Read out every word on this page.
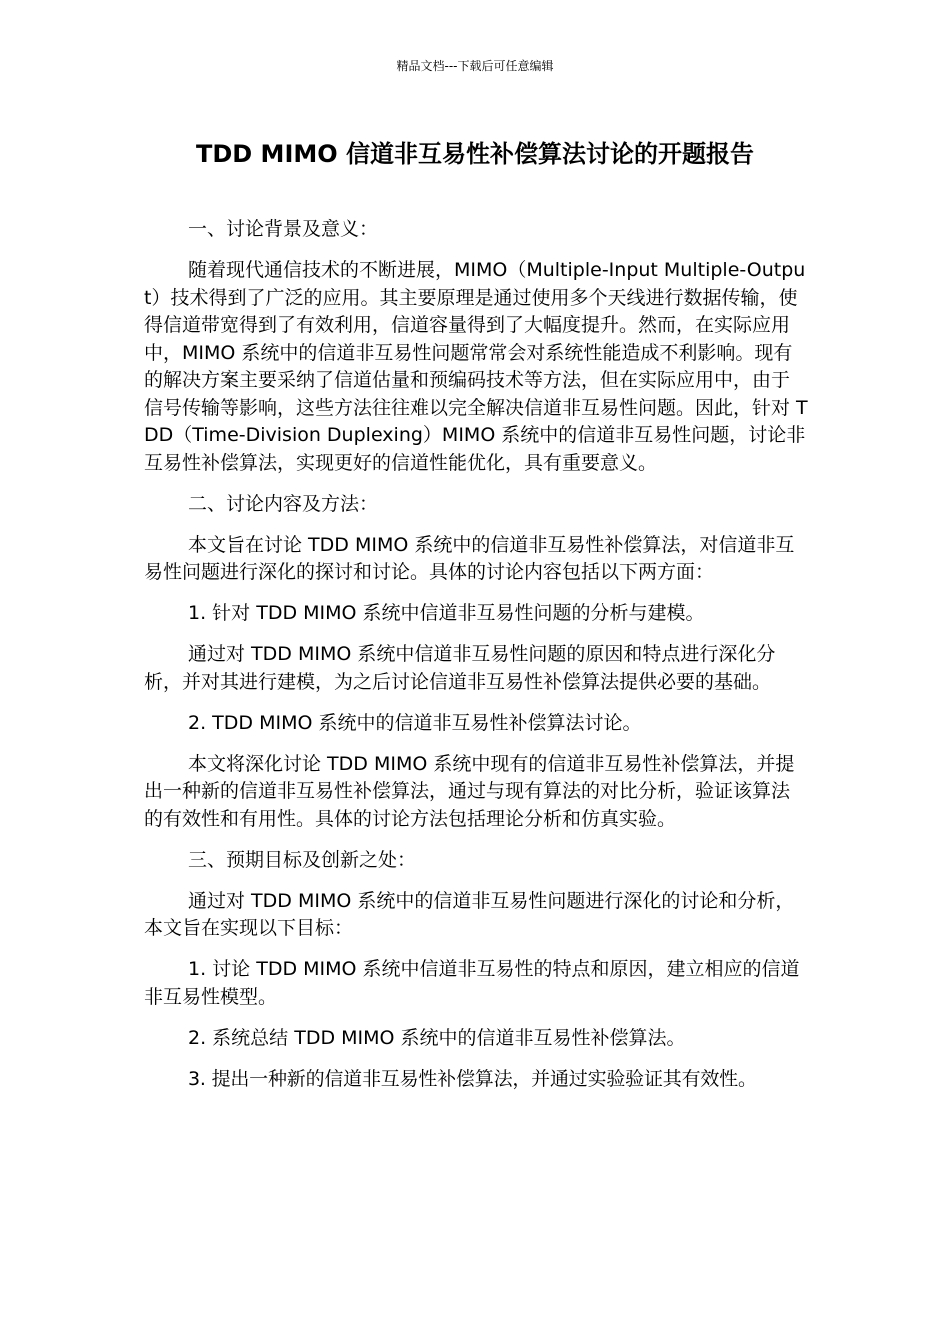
精品文档---下载后可任意编辑
TDD MIMO 信道非互易性补偿算法讨论的开题报告

一、讨论背景及意义：

随着现代通信技术的不断进展，MIMO（Multiple-Input Multiple-Output）技术得到了广泛的应用。其主要原理是通过使用多个天线进行数据传输，使得信道带宽得到了有效利用，信道容量得到了大幅度提升。然而，在实际应用中，MIMO 系统中的信道非互易性问题常常会对系统性能造成不利影响。现有的解决方案主要采纳了信道估量和预编码技术等方法，但在实际应用中，由于信号传输等影响，这些方法往往难以完全解决信道非互易性问题。因此，针对 TDD（Time-Division Duplexing）MIMO 系统中的信道非互易性问题，讨论非互易性补偿算法，实现更好的信道性能优化，具有重要意义。

二、讨论内容及方法：

本文旨在讨论 TDD MIMO 系统中的信道非互易性补偿算法，对信道非互易性问题进行深化的探讨和讨论。具体的讨论内容包括以下两方面：

1. 针对 TDD MIMO 系统中信道非互易性问题的分析与建模。

通过对 TDD MIMO 系统中信道非互易性问题的原因和特点进行深化分析，并对其进行建模，为之后讨论信道非互易性补偿算法提供必要的基础。

2. TDD MIMO 系统中的信道非互易性补偿算法讨论。

本文将深化讨论 TDD MIMO 系统中现有的信道非互易性补偿算法，并提出一种新的信道非互易性补偿算法，通过与现有算法的对比分析，验证该算法的有效性和有用性。具体的讨论方法包括理论分析和仿真实验。

三、预期目标及创新之处：

通过对 TDD MIMO 系统中的信道非互易性问题进行深化的讨论和分析，本文旨在实现以下目标：

1. 讨论 TDD MIMO 系统中信道非互易性的特点和原因，建立相应的信道非互易性模型。

2. 系统总结 TDD MIMO 系统中的信道非互易性补偿算法。

3. 提出一种新的信道非互易性补偿算法，并通过实验验证其有效性。
